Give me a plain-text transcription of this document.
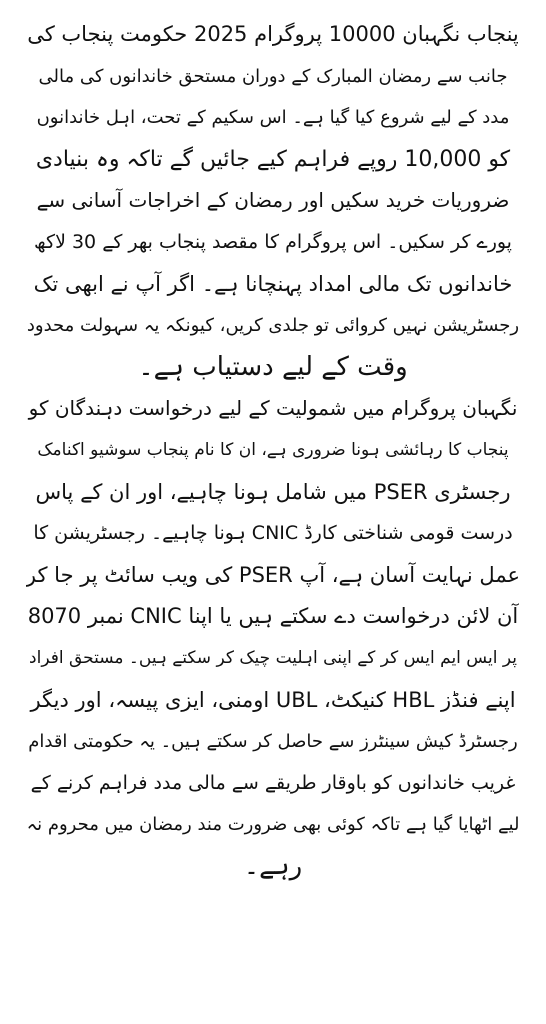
پنجاب نگہبان 10000 پروگرام 2025 حکومت پنجاب کی
جانب سے رمضان المبارک کے دوران مستحق خاندانوں کی مالی
مدد کے لیے شروع کیا گیا ہے۔ اس سکیم کے تحت، اہل خاندانوں
کو 10,000 روپے فراہم کیے جائیں گے تاکہ وہ بنیادی
ضروریات خرید سکیں اور رمضان کے اخراجات آسانی سے
پورے کر سکیں۔ اس پروگرام کا مقصد پنجاب بھر کے 30 لاکھ
خاندانوں تک مالی امداد پہنچانا ہے۔ اگر آپ نے ابھی تک
رجسٹریشن نہیں کروائی تو جلدی کریں، کیونکہ یہ سہولت محدود
وقت کے لیے دستیاب ہے۔
نگہبان پروگرام میں شمولیت کے لیے درخواست دہندگان کو
پنجاب کا رہائشی ہونا ضروری ہے، ان کا نام پنجاب سوشیو اکنامک
رجسٹری PSER میں شامل ہونا چاہیے، اور ان کے پاس
درست قومی شناختی کارڈ CNIC ہونا چاہیے۔ رجسٹریشن کا
عمل نہایت آسان ہے، آپ PSER کی ویب سائٹ پر جا کر
آن لائن درخواست دے سکتے ہیں یا اپنا CNIC نمبر 8070
پر ایس ایم ایس کر کے اپنی اہلیت چیک کر سکتے ہیں۔ مستحق افراد
اپنے فنڈز HBL کنیکٹ، UBL اومنی، ایزی پیسہ، اور دیگر
رجسٹرڈ کیش سینٹرز سے حاصل کر سکتے ہیں۔ یہ حکومتی اقدام
غریب خاندانوں کو باوقار طریقے سے مالی مدد فراہم کرنے کے
لیے اٹھایا گیا ہے تاکہ کوئی بھی ضرورت مند رمضان میں محروم نہ
رہے۔
